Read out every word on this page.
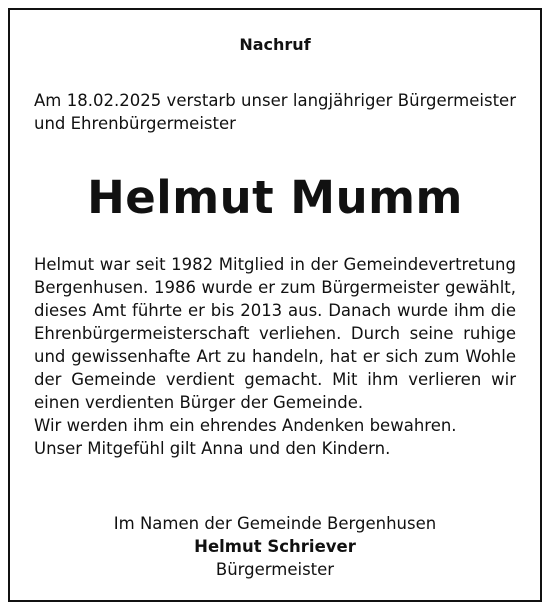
Nachruf
Am 18.02.2025 verstarb unser langjähriger Bürgermeister und Ehrenbürgermeister
Helmut Mumm

Helmut war seit 1982 Mitglied in der Gemeindevertretung Bergenhusen. 1986 wurde er zum Bürgermeister gewählt, dieses Amt führte er bis 2013 aus. Danach wurde ihm die Ehrenbürgermeisterschaft verliehen. Durch seine ruhige und gewissenhafte Art zu handeln, hat er sich zum Wohle der Gemeinde verdient gemacht. Mit ihm verlieren wir einen verdienten Bürger der Gemeinde.

Wir werden ihm ein ehrendes Andenken bewahren.

Unser Mitgefühl gilt Anna und den Kindern.

Im Namen der Gemeinde Bergenhusen
Helmut Schriever
Bürgermeister
